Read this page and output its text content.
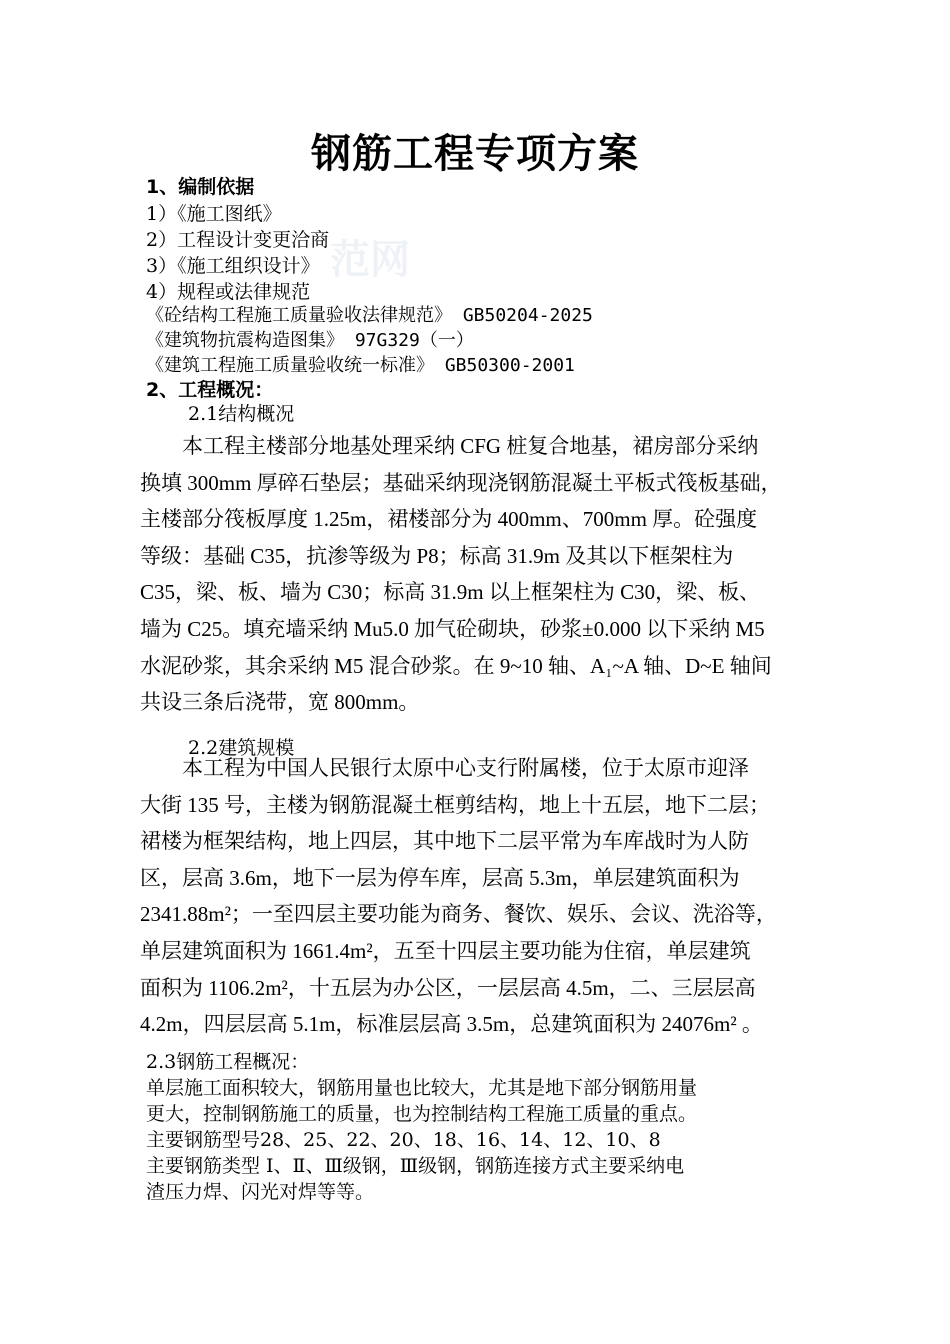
范网
钢筋工程专项方案
1、编制依据
1）《施工图纸》
2）工程设计变更洽商
3）《施工组织设计》
4）规程或法律规范
《砼结构工程施工质量验收法律规范》 GB50204-2025
《建筑物抗震构造图集》 97G329（一）
《建筑工程施工质量验收统一标准》 GB50300-2001
2、工程概况：
2.1结构概况
本工程主楼部分地基处理采纳 CFG 桩复合地基，裙房部分采纳
换填 300mm 厚碎石垫层；基础采纳现浇钢筋混凝土平板式筏板基础，
主楼部分筏板厚度 1.25m，裙楼部分为 400mm、700mm 厚。砼强度
等级：基础 C35，抗渗等级为 P8；标高 31.9m 及其以下框架柱为
C35，梁、板、墙为 C30；标高 31.9m 以上框架柱为 C30，梁、板、
墙为 C25。填充墙采纳 Mu5.0 加气砼砌块，砂浆±0.000 以下采纳 M5
水泥砂浆，其余采纳 M5 混合砂浆。在 9~10 轴、A₁~A 轴、D~E 轴间
共设三条后浇带，宽 800mm。
2.2建筑规模
本工程为中国人民银行太原中心支行附属楼，位于太原市迎泽
大街 135 号，主楼为钢筋混凝土框剪结构，地上十五层，地下二层；
裙楼为框架结构，地上四层，其中地下二层平常为车库战时为人防
区，层高 3.6m，地下一层为停车库，层高 5.3m，单层建筑面积为
2341.88m²；一至四层主要功能为商务、餐饮、娱乐、会议、洗浴等，
单层建筑面积为 1661.4m²，五至十四层主要功能为住宿，单层建筑
面积为 1106.2m²，十五层为办公区，一层层高 4.5m，二、三层层高
4.2m，四层层高 5.1m，标准层层高 3.5m，总建筑面积为 24076m² 。
2.3钢筋工程概况：
单层施工面积较大，钢筋用量也比较大，尤其是地下部分钢筋用量
更大，控制钢筋施工的质量，也为控制结构工程施工质量的重点。
主要钢筋型号28、25、22、20、18、16、14、12、10、8
主要钢筋类型 Ⅰ、Ⅱ、Ⅲ级钢，Ⅲ级钢，钢筋连接方式主要采纳电
渣压力焊、闪光对焊等等。
